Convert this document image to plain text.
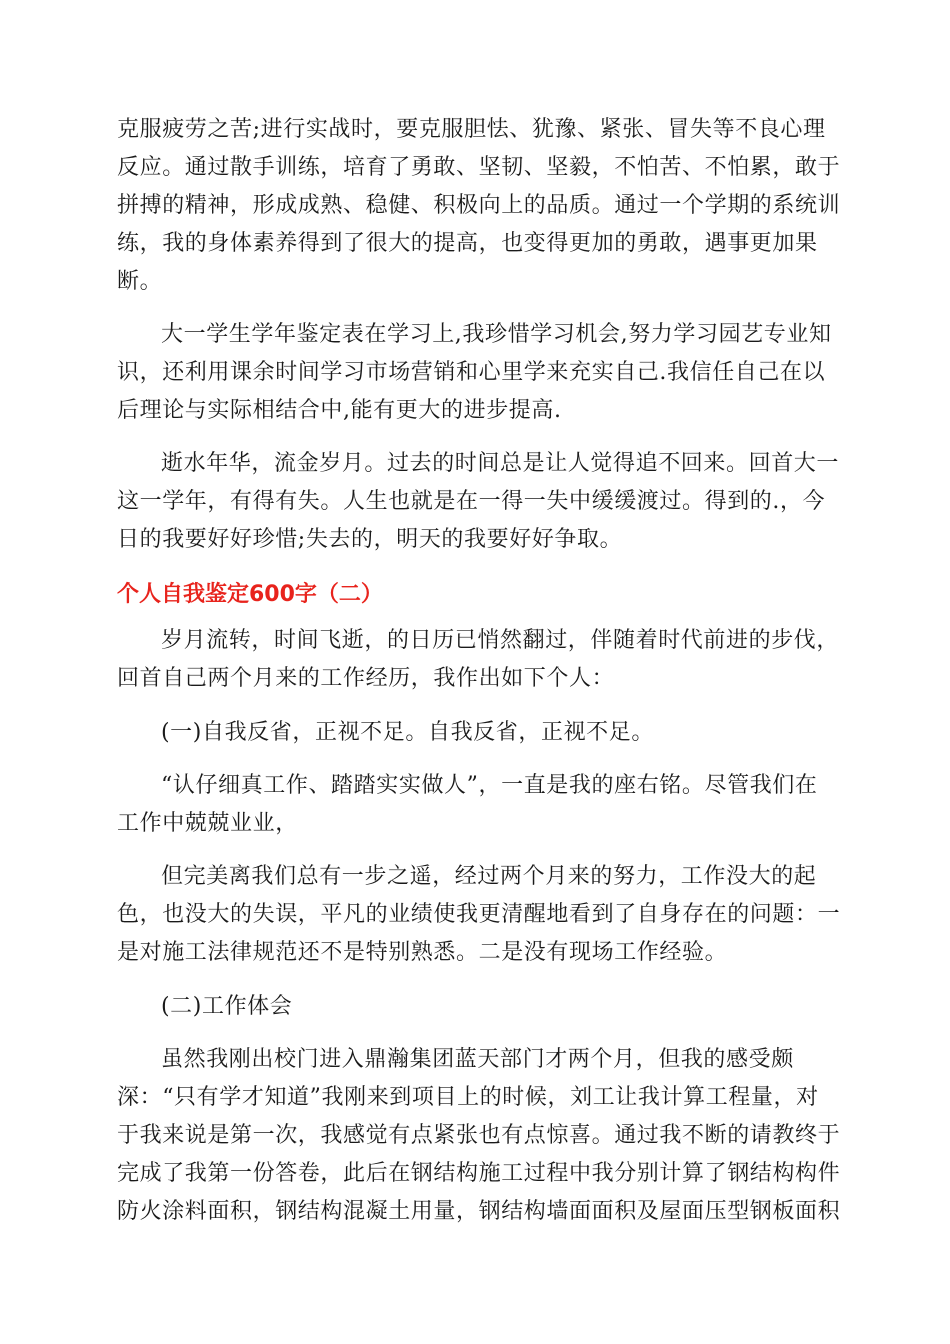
克服疲劳之苦;进行实战时，要克服胆怯、犹豫、紧张、冒失等不良心理
反应。通过散手训练，培育了勇敢、坚韧、坚毅，不怕苦、不怕累，敢于
拼搏的精神，形成成熟、稳健、积极向上的品质。通过一个学期的系统训
练，我的身体素养得到了很大的提高，也变得更加的勇敢，遇事更加果
断。
大一学生学年鉴定表在学习上,我珍惜学习机会,努力学习园艺专业知
识，还利用课余时间学习市场营销和心里学来充实自己.我信任自己在以
后理论与实际相结合中,能有更大的进步提高.
逝水年华，流金岁月。过去的时间总是让人觉得追不回来。回首大一
这一学年，有得有失。人生也就是在一得一失中缓缓渡过。得到的.，今
日的我要好好珍惜;失去的，明天的我要好好争取。
个人自我鉴定600字（二）
岁月流转，时间飞逝，的日历已悄然翻过，伴随着时代前进的步伐，
回首自己两个月来的工作经历，我作出如下个人：
(一)自我反省，正视不足。自我反省，正视不足。
“认仔细真工作、踏踏实实做人”，一直是我的座右铭。尽管我们在
工作中兢兢业业，
但完美离我们总有一步之遥，经过两个月来的努力，工作没大的起
色，也没大的失误，平凡的业绩使我更清醒地看到了自身存在的问题：一
是对施工法律规范还不是特别熟悉。二是没有现场工作经验。
(二)工作体会
虽然我刚出校门进入鼎瀚集团蓝天部门才两个月，但我的感受颇
深：“只有学才知道”我刚来到项目上的时候，刘工让我计算工程量，对
于我来说是第一次，我感觉有点紧张也有点惊喜。通过我不断的请教终于
完成了我第一份答卷，此后在钢结构施工过程中我分别计算了钢结构构件
防火涂料面积，钢结构混凝土用量，钢结构墙面面积及屋面压型钢板面积
